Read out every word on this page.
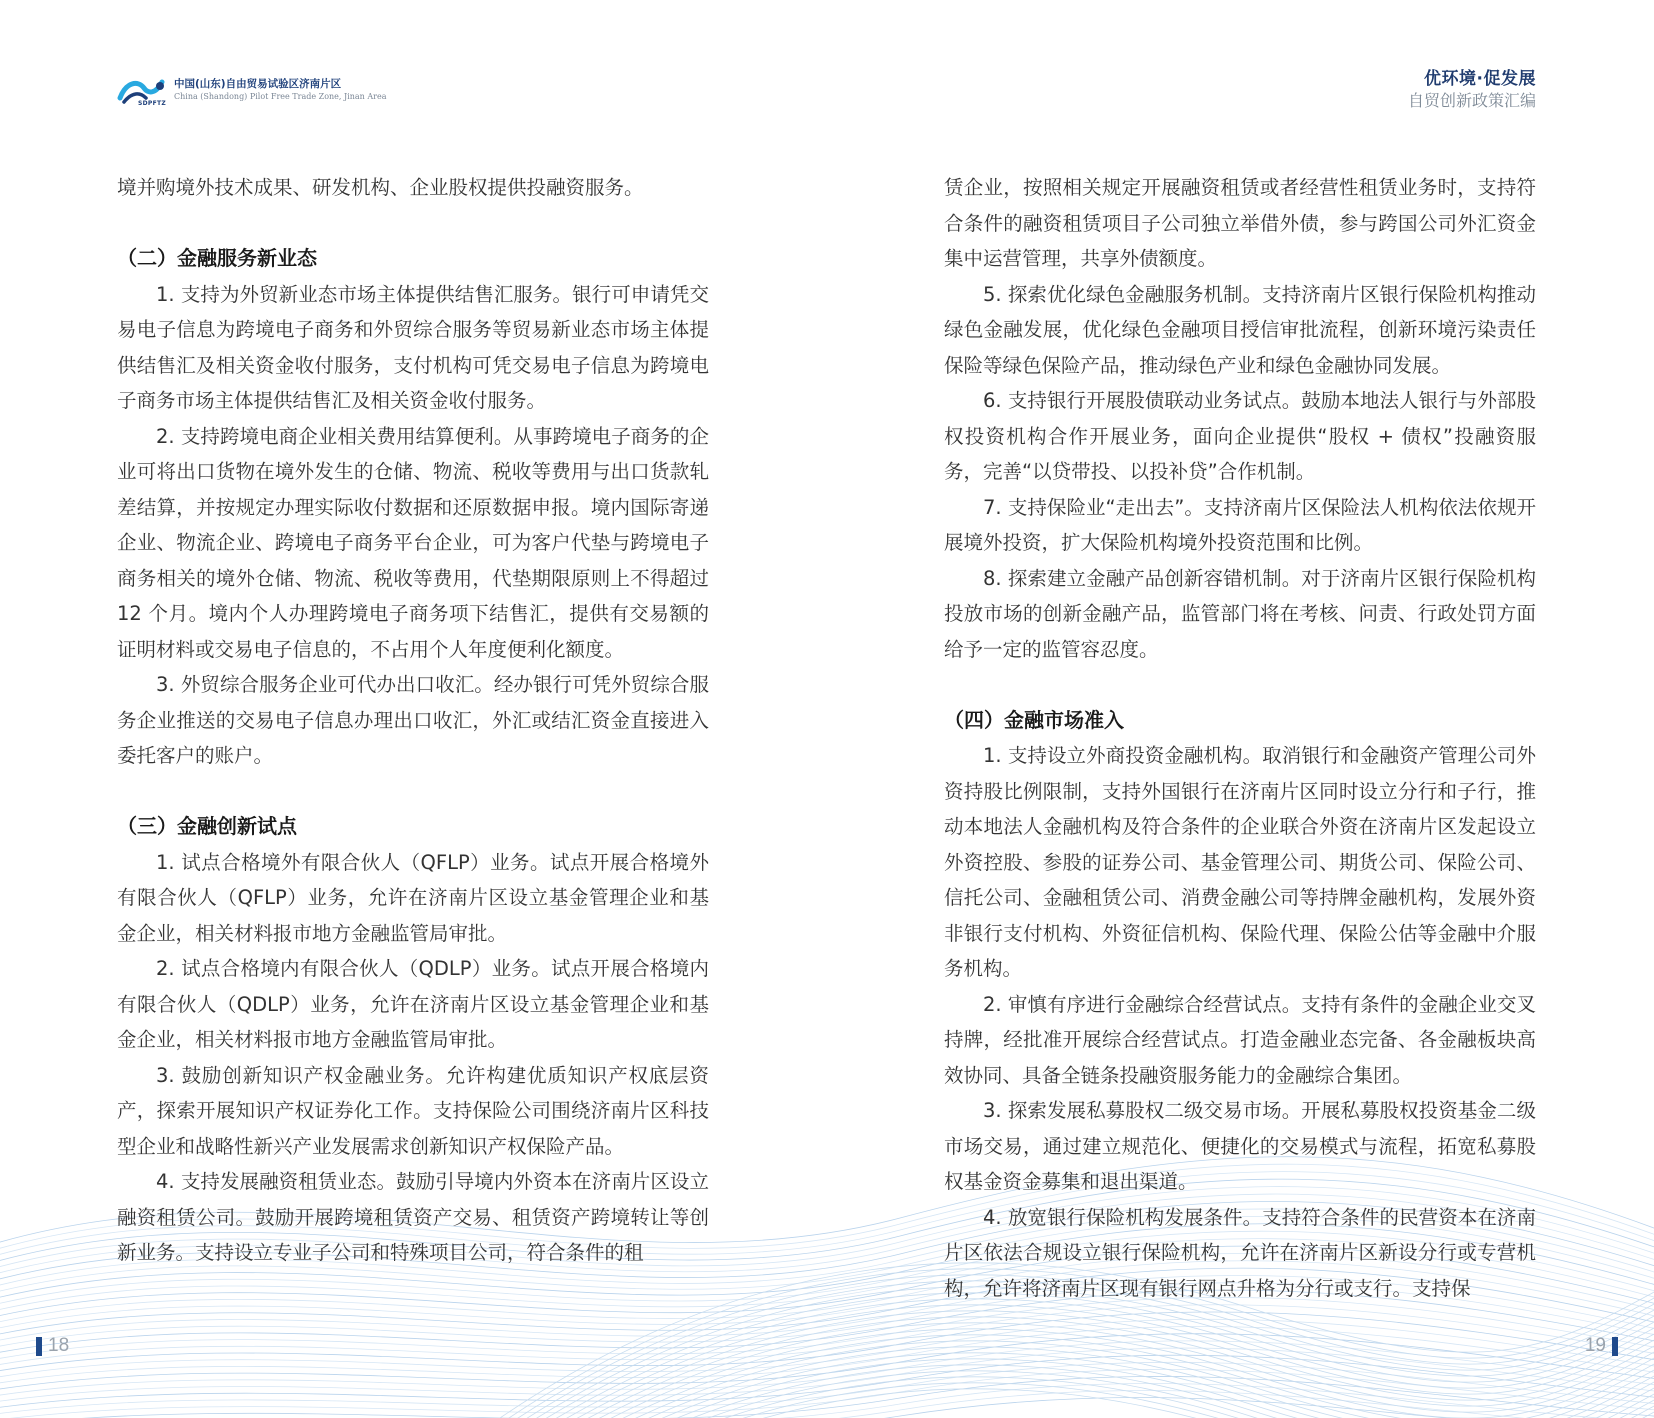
SDPFTZ
中国(山东)自由贸易试验区济南片区
China (Shandong) Pilot Free Trade Zone, Jinan Area
优环境·促发展
自贸创新政策汇编

境并购境外技术成果、研发机构、企业股权提供投融资服务。

（二）金融服务新业态

1. 支持为外贸新业态市场主体提供结售汇服务。银行可申请凭交易电子信息为跨境电子商务和外贸综合服务等贸易新业态市场主体提供结售汇及相关资金收付服务，支付机构可凭交易电子信息为跨境电子商务市场主体提供结售汇及相关资金收付服务。

2. 支持跨境电商企业相关费用结算便利。从事跨境电子商务的企业可将出口货物在境外发生的仓储、物流、税收等费用与出口货款轧差结算，并按规定办理实际收付数据和还原数据申报。境内国际寄递企业、物流企业、跨境电子商务平台企业，可为客户代垫与跨境电子商务相关的境外仓储、物流、税收等费用，代垫期限原则上不得超过 12 个月。境内个人办理跨境电子商务项下结售汇，提供有交易额的证明材料或交易电子信息的，不占用个人年度便利化额度。

3. 外贸综合服务企业可代办出口收汇。经办银行可凭外贸综合服务企业推送的交易电子信息办理出口收汇，外汇或结汇资金直接进入委托客户的账户。

（三）金融创新试点

1. 试点合格境外有限合伙人（QFLP）业务。试点开展合格境外有限合伙人（QFLP）业务，允许在济南片区设立基金管理企业和基金企业，相关材料报市地方金融监管局审批。

2. 试点合格境内有限合伙人（QDLP）业务。试点开展合格境内有限合伙人（QDLP）业务，允许在济南片区设立基金管理企业和基金企业，相关材料报市地方金融监管局审批。

3. 鼓励创新知识产权金融业务。允许构建优质知识产权底层资产，探索开展知识产权证券化工作。支持保险公司围绕济南片区科技型企业和战略性新兴产业发展需求创新知识产权保险产品。

4. 支持发展融资租赁业态。鼓励引导境内外资本在济南片区设立融资租赁公司。鼓励开展跨境租赁资产交易、租赁资产跨境转让等创新业务。支持设立专业子公司和特殊项目公司，符合条件的租

赁企业，按照相关规定开展融资租赁或者经营性租赁业务时，支持符合条件的融资租赁项目子公司独立举借外债，参与跨国公司外汇资金集中运营管理，共享外债额度。

5. 探索优化绿色金融服务机制。支持济南片区银行保险机构推动绿色金融发展，优化绿色金融项目授信审批流程，创新环境污染责任保险等绿色保险产品，推动绿色产业和绿色金融协同发展。

6. 支持银行开展股债联动业务试点。鼓励本地法人银行与外部股权投资机构合作开展业务，面向企业提供“股权 + 债权”投融资服务，完善“以贷带投、以投补贷”合作机制。

7. 支持保险业“走出去”。支持济南片区保险法人机构依法依规开展境外投资，扩大保险机构境外投资范围和比例。

8. 探索建立金融产品创新容错机制。对于济南片区银行保险机构投放市场的创新金融产品，监管部门将在考核、问责、行政处罚方面给予一定的监管容忍度。

（四）金融市场准入

1. 支持设立外商投资金融机构。取消银行和金融资产管理公司外资持股比例限制，支持外国银行在济南片区同时设立分行和子行，推动本地法人金融机构及符合条件的企业联合外资在济南片区发起设立外资控股、参股的证券公司、基金管理公司、期货公司、保险公司、信托公司、金融租赁公司、消费金融公司等持牌金融机构，发展外资非银行支付机构、外资征信机构、保险代理、保险公估等金融中介服务机构。

2. 审慎有序进行金融综合经营试点。支持有条件的金融企业交叉持牌，经批准开展综合经营试点。打造金融业态完备、各金融板块高效协同、具备全链条投融资服务能力的金融综合集团。

3. 探索发展私募股权二级交易市场。开展私募股权投资基金二级市场交易，通过建立规范化、便捷化的交易模式与流程，拓宽私募股权基金资金募集和退出渠道。

4. 放宽银行保险机构发展条件。支持符合条件的民营资本在济南片区依法合规设立银行保险机构，允许在济南片区新设分行或专营机构，允许将济南片区现有银行网点升格为分行或支行。支持保

18	19
